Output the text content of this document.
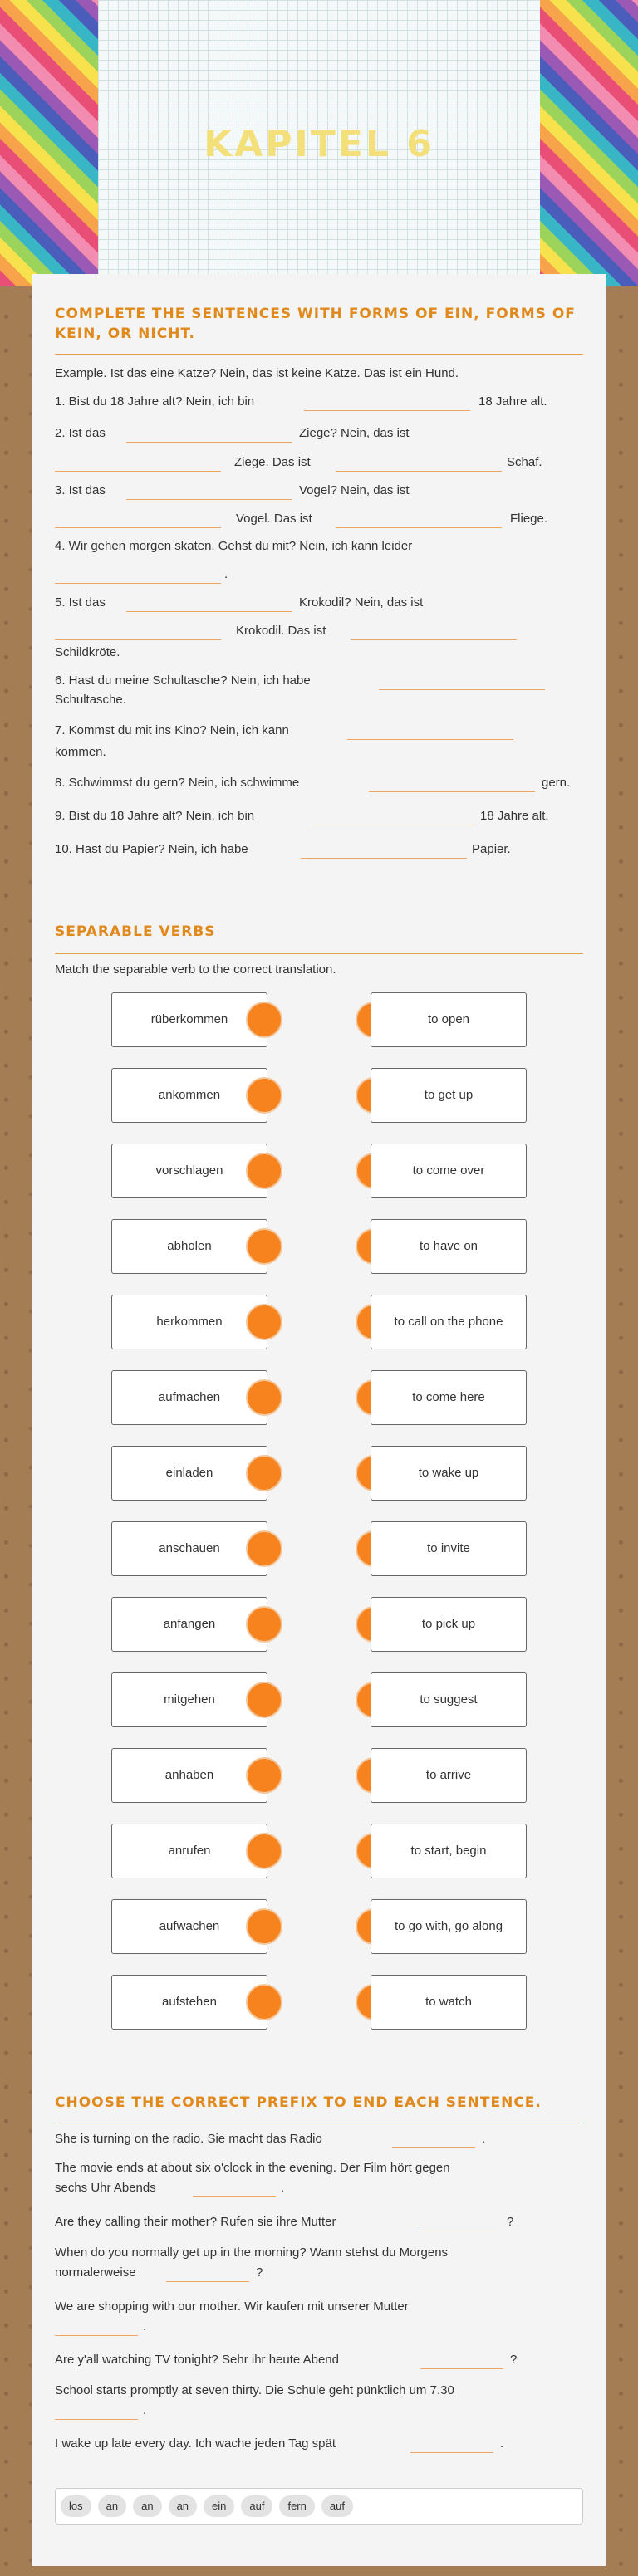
KAPITEL 6
COMPLETE THE SENTENCES WITH FORMS OF EIN, FORMS OF
KEIN, OR NICHT.
Example. Ist das eine Katze? Nein, das ist keine Katze. Das ist ein Hund.
1. Bist du 18 Jahre alt? Nein, ich bin	18 Jahre alt.
2. Ist das	Ziege? Nein, das ist
Ziege. Das ist	Schaf.
3. Ist das	Vogel? Nein, das ist
Vogel. Das ist	Fliege.
4. Wir gehen morgen skaten. Gehst du mit? Nein, ich kann leider
.
5. Ist das	Krokodil? Nein, das ist
Krokodil. Das ist
Schildkröte.
6. Hast du meine Schultasche? Nein, ich habe
Schultasche.
7. Kommst du mit ins Kino? Nein, ich kann
kommen.
8. Schwimmst du gern? Nein, ich schwimme	gern.
9. Bist du 18 Jahre alt? Nein, ich bin	18 Jahre alt.
10. Hast du Papier? Nein, ich habe	Papier.
SEPARABLE VERBS
Match the separable verb to the correct translation.
rüberkommen	to open
ankommen	to get up
vorschlagen	to come over
abholen	to have on
herkommen	to call on the phone
aufmachen	to come here
einladen	to wake up
anschauen	to invite
anfangen	to pick up
mitgehen	to suggest
anhaben	to arrive
anrufen	to start, begin
aufwachen	to go with, go along
aufstehen	to watch
CHOOSE THE CORRECT PREFIX TO END EACH SENTENCE.
She is turning on the radio. Sie macht das Radio	.
The movie ends at about six o'clock in the evening. Der Film hört gegen
sechs Uhr Abends	.
Are they calling their mother? Rufen sie ihre Mutter	?
When do you normally get up in the morning? Wann stehst du Morgens
normalerweise	?
We are shopping with our mother. Wir kaufen mit unserer Mutter
.
Are y'all watching TV tonight? Sehr ihr heute Abend	?
School starts promptly at seven thirty. Die Schule geht pünktlich um 7.30
.
I wake up late every day. Ich wache jeden Tag spät	.
los	an	an	an	ein	auf	fern	auf
